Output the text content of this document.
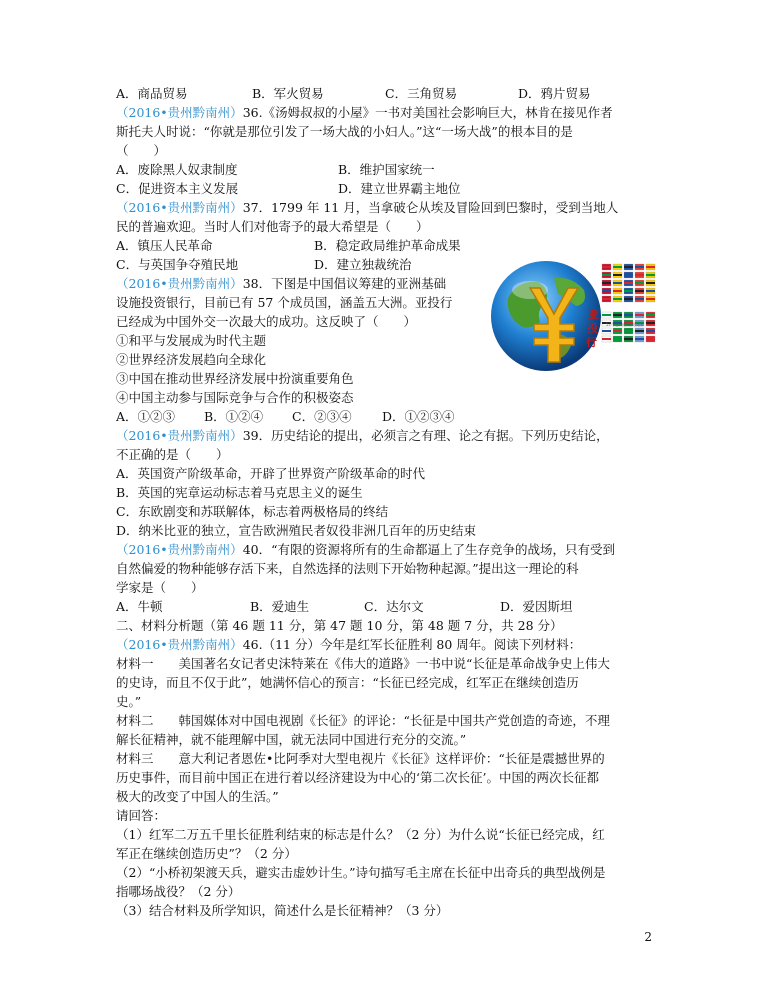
A．商品贸易	B．军火贸易	C．三角贸易	D．鸦片贸易
（2016•贵州黔南州）36.《汤姆叔叔的小屋》一书对美国社会影响巨大，林肯在接见作者
斯托夫人时说：“你就是那位引发了一场大战的小妇人。”这“一场大战”的根本目的是
（　　）
A．废除黑人奴隶制度	B．维护国家统一
C．促进资本主义发展	D．建立世界霸主地位
（2016•贵州黔南州）37．1799 年 11 月，当拿破仑从埃及冒险回到巴黎时，受到当地人
民的普遍欢迎。当时人们对他寄予的最大希望是（　　）
A．镇压人民革命	B．稳定政局维护革命成果
C．与英国争夺殖民地	D．建立独裁统治
（2016•贵州黔南州）38．下图是中国倡议筹建的亚洲基础
设施投资银行，目前已有 57 个成员国，涵盖五大洲。亚投行
已经成为中国外交一次最大的成功。这反映了（　　）
①和平与发展成为时代主题
②世界经济发展趋向全球化
③中国在推动世界经济发展中扮演重要角色
④中国主动参与国际竞争与合作的积极姿态
A．①②③ B．①②④ C．②③④ D．①②③④
亚
投
行
57个意向创始成员国
（2016•贵州黔南州）39．历史结论的提出，必须言之有理、论之有据。下列历史结论，
不正确的是（　　）
A．英国资产阶级革命，开辟了世界资产阶级革命的时代
B．英国的宪章运动标志着马克思主义的诞生
C．东欧剧变和苏联解体，标志着两极格局的终结
D．纳米比亚的独立，宣告欧洲殖民者奴役非洲几百年的历史结束
（2016•贵州黔南州）40．“有限的资源将所有的生命都逼上了生存竞争的战场，只有受到
自然偏爱的物种能够存活下来，自然选择的法则下开始物种起源。”提出这一理论的科
学家是（　　）
A．牛顿	B．爱迪生	C．达尔文	D．爱因斯坦
二、材料分析题（第 46 题 11 分，第 47 题 10 分，第 48 题 7 分，共 28 分）
（2016•贵州黔南州）46.（11 分）今年是红军长征胜利 80 周年。阅读下列材料：
材料一　　美国著名女记者史沫特莱在《伟大的道路》一书中说“长征是革命战争史上伟大
的史诗，而且不仅于此”，她满怀信心的预言：“长征已经完成，红军正在继续创造历
史。”
材料二　　韩国媒体对中国电视剧《长征》的评论：“长征是中国共产党创造的奇迹，不理
解长征精神，就不能理解中国，就无法同中国进行充分的交流。”
材料三　　意大利记者恩佐•比阿季对大型电视片《长征》这样评价：“长征是震撼世界的
历史事件，而目前中国正在进行着以经济建设为中心的‘第二次长征’。中国的两次长征都
极大的改变了中国人的生活。”
请回答：
（1）红军二万五千里长征胜利结束的标志是什么？（2 分）为什么说“长征已经完成，红
军正在继续创造历史”？（2 分）
（2）“小桥初架渡天兵，避实击虚妙计生。”诗句描写毛主席在长征中出奇兵的典型战例是
指哪场战役？（2 分）
（3）结合材料及所学知识，简述什么是长征精神？（3 分）
2
